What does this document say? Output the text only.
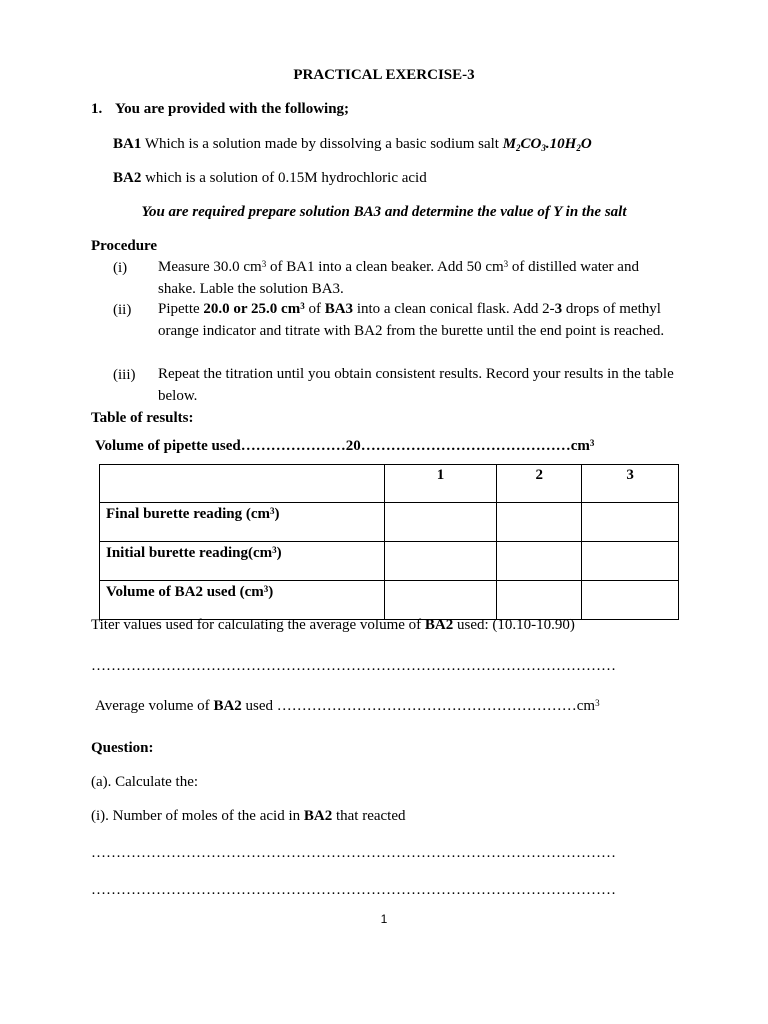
PRACTICAL EXERCISE-3
1. You are provided with the following;
BA1 Which is a solution made by dissolving a basic sodium salt $M_2CO_3.10H_2O$
BA2 which is a solution of 0.15M hydrochloric acid
You are required prepare solution BA3 and determine the value of Y in the salt
Procedure
(i) Measure 30.0 $cm^3$ of BA1 into a clean beaker. Add 50 $cm^3$ of distilled water and shake. Lable the solution BA3.
(ii) Pipette 20.0 or 25.0 $cm^3$ of BA3 into a clean conical flask. Add 2-3 drops of methyl orange indicator and titrate with BA2 from the burette until the end point is reached.
(iii) Repeat the titration until you obtain consistent results. Record your results in the table below.
Table of results:
Volume of pipette $used\dots\dots\dots\dots\dots\dots\dots 20\dots\dots\dots\dots\dots\dots\dots\dots\dots\dots\dots\dots\dots\dots cm^3$
	1	2	3
Final burette reading $(cm^3)$			
Initial burette $reading(cm^3)$			
Volume of BA2 used $(cm^3)$			
Titer values used for calculating the average volume of BA2 used: (10.10-10.90)
……………………………………………………………………………………………
Average volume of BA2 used $\dots\dots\dots\dots\dots\dots\dots\dots\dots\dots\dots\dots\dots\dots\dots\dots\dots\dots\dots\dots cm^3$
Question:
(a). Calculate the:
(i). Number of moles of the acid in BA2 that reacted
……………………………………………………………………………………………
……………………………………………………………………………………………
1
